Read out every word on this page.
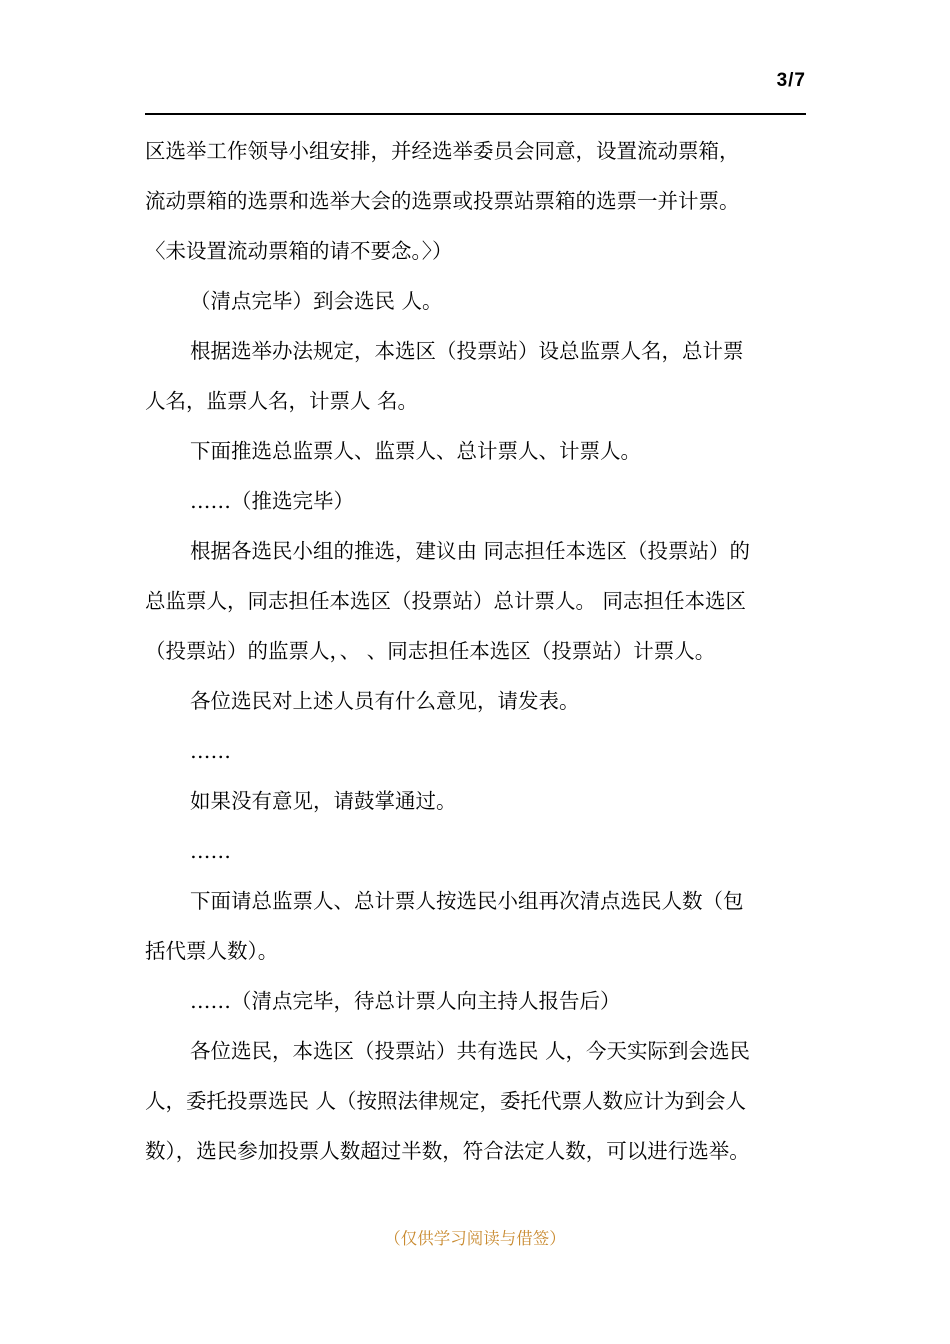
3/7
区选举工作领导小组安排，并经选举委员会同意，设置流动票箱，
流动票箱的选票和选举大会的选票或投票站票箱的选票一并计票。
〈未设置流动票箱的请不要念。〉）
（清点完毕）到会选民 人。
根据选举办法规定，本选区（投票站）设总监票人名，总计票
人名，监票人名，计票人 名。
下面推选总监票人、监票人、总计票人、计票人。
……（推选完毕）
根据各选民小组的推选，建议由 同志担任本选区（投票站）的
总监票人，同志担任本选区（投票站）总计票人。 同志担任本选区
（投票站）的监票人，、 、同志担任本选区（投票站）计票人。
各位选民对上述人员有什么意见，请发表。
……
如果没有意见，请鼓掌通过。
……
下面请总监票人、总计票人按选民小组再次清点选民人数（包
括代票人数）。
……（清点完毕，待总计票人向主持人报告后）
各位选民，本选区（投票站）共有选民 人，今天实际到会选民
人，委托投票选民 人（按照法律规定，委托代票人数应计为到会人
数），选民参加投票人数超过半数，符合法定人数，可以进行选举。
（仅供学习阅读与借签）
